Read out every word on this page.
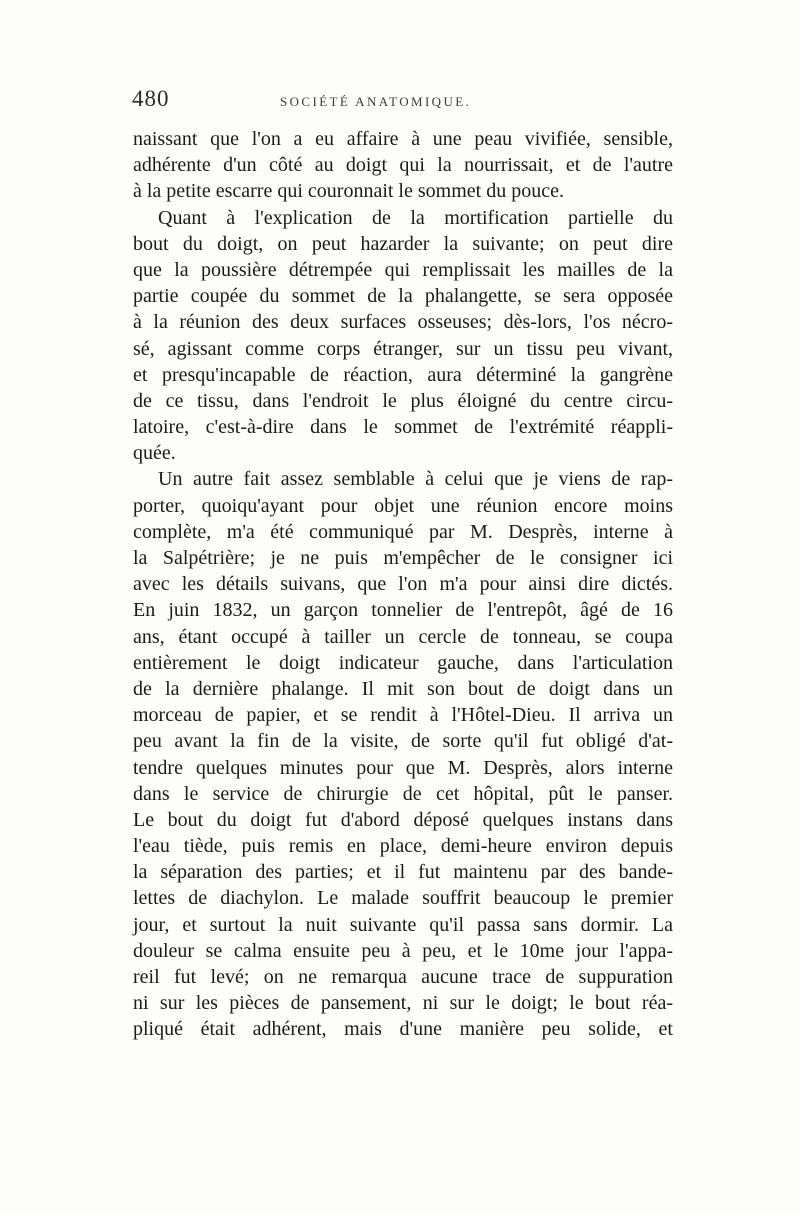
480	SOCIÉTÉ ANATOMIQUE.
naissant que l'on a eu affaire à une peau vivifiée, sensible,
adhérente d'un côté au doigt qui la nourrissait, et de l'autre
à la petite escarre qui couronnait le sommet du pouce.
Quant à l'explication de la mortification partielle du
bout du doigt, on peut hazarder la suivante; on peut dire
que la poussière détrempée qui remplissait les mailles de la
partie coupée du sommet de la phalangette, se sera opposée
à la réunion des deux surfaces osseuses; dès-lors, l'os nécro-
sé, agissant comme corps étranger, sur un tissu peu vivant,
et presqu'incapable de réaction, aura déterminé la gangrène
de ce tissu, dans l'endroit le plus éloigné du centre circu-
latoire, c'est-à-dire dans le sommet de l'extrémité réappli-
quée.
Un autre fait assez semblable à celui que je viens de rap-
porter, quoiqu'ayant pour objet une réunion encore moins
complète, m'a été communiqué par M. Desprès, interne à
la Salpétrière; je ne puis m'empêcher de le consigner ici
avec les détails suivans, que l'on m'a pour ainsi dire dictés.
En juin 1832, un garçon tonnelier de l'entrepôt, âgé de 16
ans, étant occupé à tailler un cercle de tonneau, se coupa
entièrement le doigt indicateur gauche, dans l'articulation
de la dernière phalange. Il mit son bout de doigt dans un
morceau de papier, et se rendit à l'Hôtel-Dieu. Il arriva un
peu avant la fin de la visite, de sorte qu'il fut obligé d'at-
tendre quelques minutes pour que M. Desprès, alors interne
dans le service de chirurgie de cet hôpital, pût le panser.
Le bout du doigt fut d'abord déposé quelques instans dans
l'eau tiède, puis remis en place, demi-heure environ depuis
la séparation des parties; et il fut maintenu par des bande-
lettes de diachylon. Le malade souffrit beaucoup le premier
jour, et surtout la nuit suivante qu'il passa sans dormir. La
douleur se calma ensuite peu à peu, et le 10me jour l'appa-
reil fut levé; on ne remarqua aucune trace de suppuration
ni sur les pièces de pansement, ni sur le doigt; le bout réa-
pliqué était adhérent, mais d'une manière peu solide, et
